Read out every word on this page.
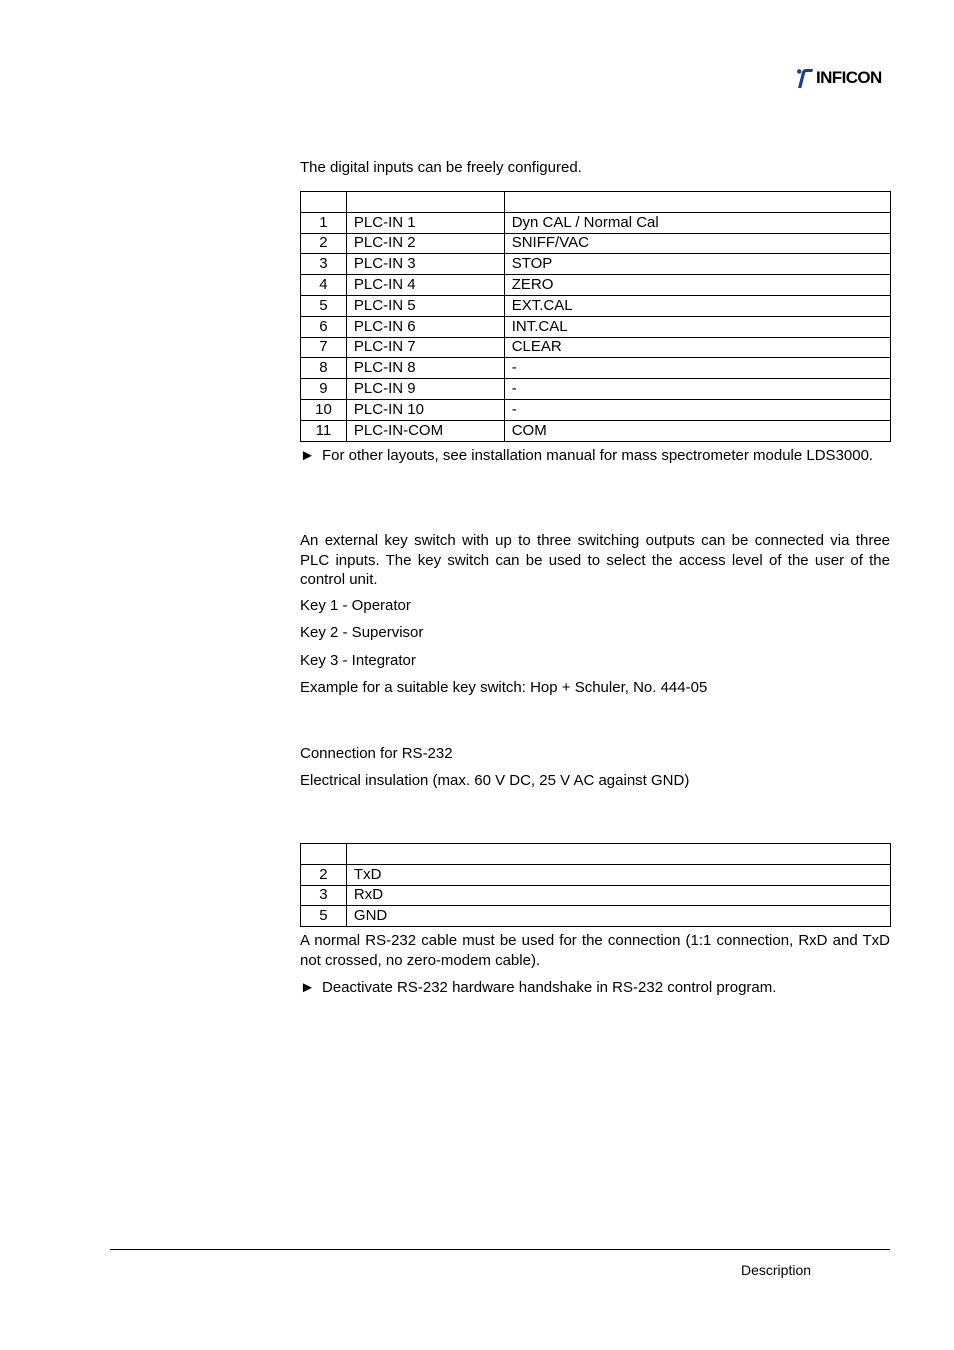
INFICON
The digital inputs can be freely configured.

1	PLC-IN 1	Dyn CAL / Normal Cal
2	PLC-IN 2	SNIFF/VAC
3	PLC-IN 3	STOP
4	PLC-IN 4	ZERO
5	PLC-IN 5	EXT.CAL
6	PLC-IN 6	INT.CAL
7	PLC-IN 7	CLEAR
8	PLC-IN 8	-
9	PLC-IN 9	-
10	PLC-IN 10	-
11	PLC-IN-COM	COM
► For other layouts, see installation manual for mass spectrometer module LDS3000.
An external key switch with up to three switching outputs can be connected via three PLC inputs. The key switch can be used to select the access level of the user of the control unit.
Key 1 - Operator
Key 2 - Supervisor
Key 3 - Integrator
Example for a suitable key switch: Hop + Schuler, No. 444-05
Connection for RS-232
Electrical insulation (max. 60 V DC, 25 V AC against GND)

2	TxD
3	RxD
5	GND
A normal RS-232 cable must be used for the connection (1:1 connection, RxD and TxD not crossed, no zero-modem cable).
► Deactivate RS-232 hardware handshake in RS-232 control program.
Description
